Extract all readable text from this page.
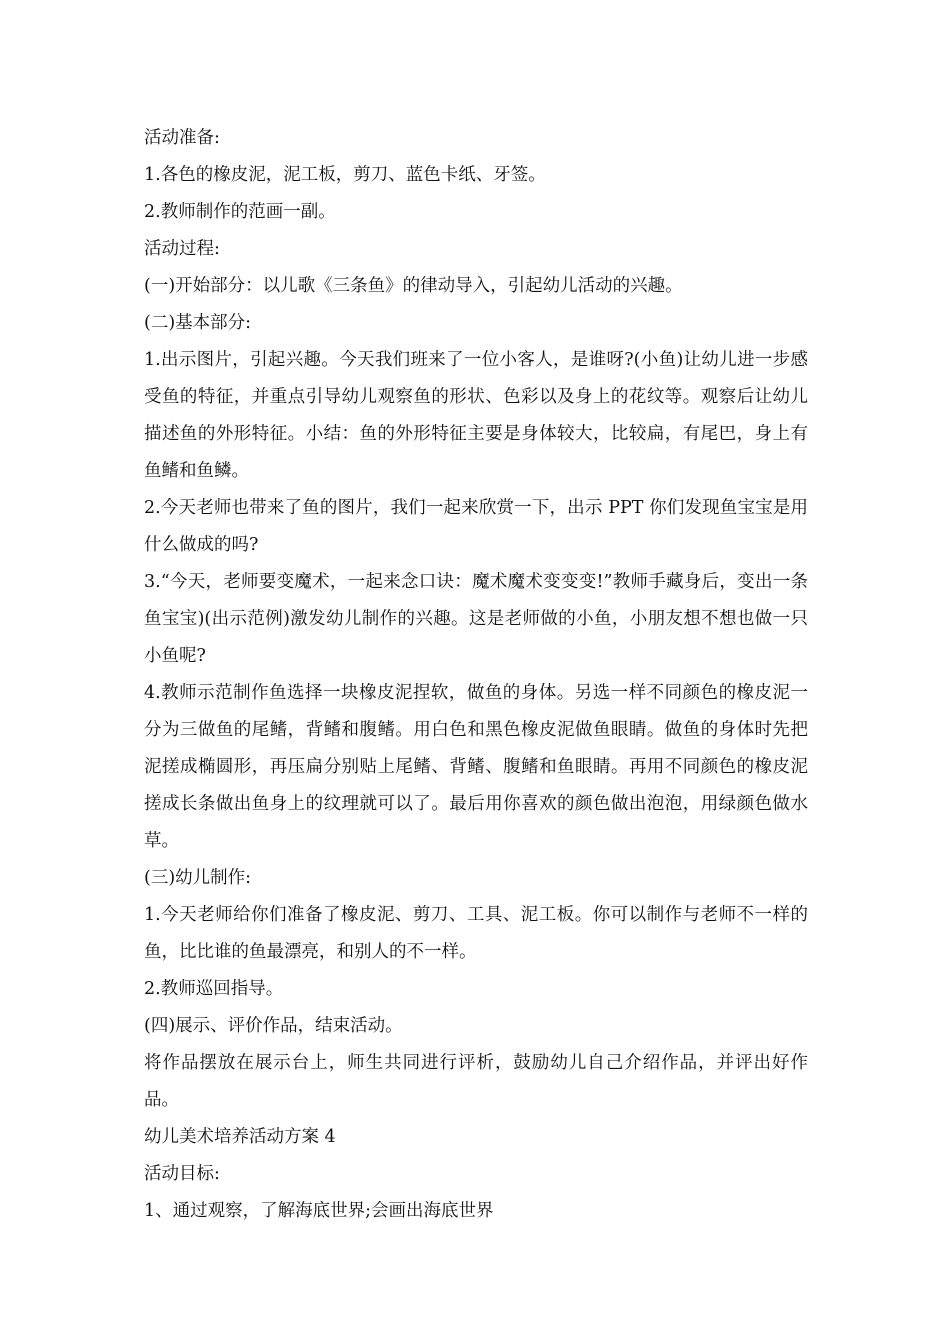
活动准备:

1.各色的橡皮泥，泥工板，剪刀、蓝色卡纸、牙签。

2.教师制作的范画一副。

活动过程:

(一)开始部分：以儿歌《三条鱼》的律动导入，引起幼儿活动的兴趣。

(二)基本部分:

1.出示图片，引起兴趣。今天我们班来了一位小客人，是谁呀?(小鱼)让幼儿进一步感受鱼的特征，并重点引导幼儿观察鱼的形状、色彩以及身上的花纹等。观察后让幼儿描述鱼的外形特征。小结：鱼的外形特征主要是身体较大，比较扁，有尾巴，身上有鱼鳍和鱼鳞。

2.今天老师也带来了鱼的图片，我们一起来欣赏一下，出示 PPT 你们发现鱼宝宝是用什么做成的吗?

3.“今天，老师要变魔术，一起来念口诀：魔术魔术变变变!”教师手藏身后，变出一条鱼宝宝)(出示范例)激发幼儿制作的兴趣。这是老师做的小鱼，小朋友想不想也做一只小鱼呢?

4.教师示范制作鱼选择一块橡皮泥捏软，做鱼的身体。另选一样不同颜色的橡皮泥一分为三做鱼的尾鳍，背鳍和腹鳍。用白色和黑色橡皮泥做鱼眼睛。做鱼的身体时先把泥搓成椭圆形，再压扁分别贴上尾鳍、背鳍、腹鳍和鱼眼睛。再用不同颜色的橡皮泥搓成长条做出鱼身上的纹理就可以了。最后用你喜欢的颜色做出泡泡，用绿颜色做水草。

(三)幼儿制作:

1.今天老师给你们准备了橡皮泥、剪刀、工具、泥工板。你可以制作与老师不一样的鱼，比比谁的鱼最漂亮，和别人的不一样。

2.教师巡回指导。

(四)展示、评价作品，结束活动。

将作品摆放在展示台上，师生共同进行评析，鼓励幼儿自己介绍作品，并评出好作品。

幼儿美术培养活动方案 4

活动目标:

1、通过观察，了解海底世界;会画出海底世界
